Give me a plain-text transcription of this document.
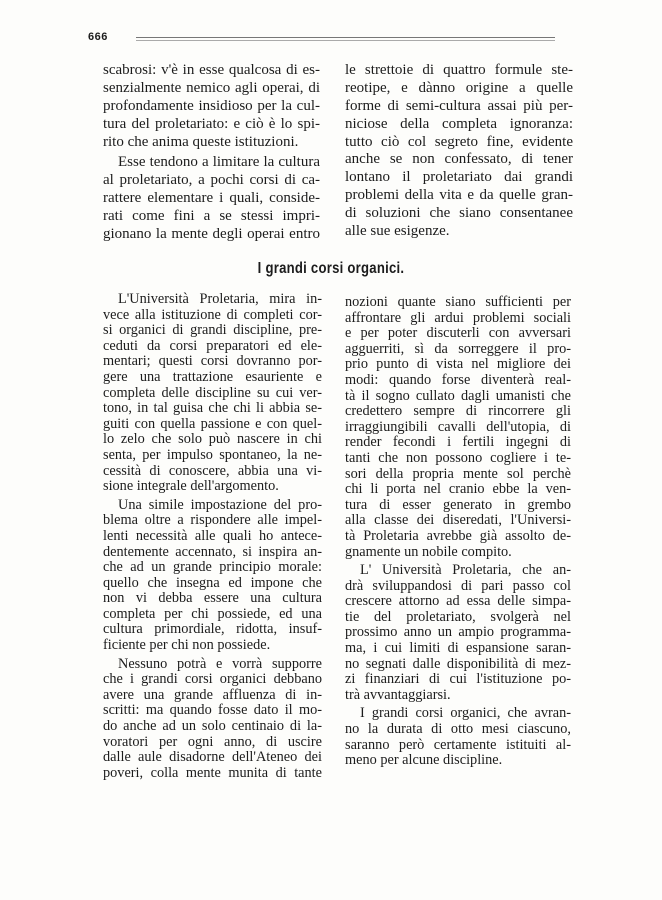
666
scabrosi: v'è in esse qualcosa di es-
senzialmente nemico agli operai, di
profondamente insidioso per la cul-
tura del proletariato: e ciò è lo spi-
rito che anima queste istituzioni.
Esse tendono a limitare la cultura
al proletariato, a pochi corsi di ca-
rattere elementare i quali, conside-
rati come fini a se stessi impri-
gionano la mente degli operai entro
le strettoie di quattro formule ste-
reotipe, e dànno origine a quelle
forme di semi-cultura assai più per-
niciose della completa ignoranza:
tutto ciò col segreto fine, evidente
anche se non confessato, di tener
lontano il proletariato dai grandi
problemi della vita e da quelle gran-
di soluzioni che siano consentanee
alle sue esigenze.
I grandi corsi organici.
L'Università Proletaria, mira in-
vece alla istituzione di completi cor-
si organici di grandi discipline, pre-
ceduti da corsi preparatori ed ele-
mentari; questi corsi dovranno por-
gere una trattazione esauriente e
completa delle discipline su cui ver-
tono, in tal guisa che chi li abbia se-
guiti con quella passione e con quel-
lo zelo che solo può nascere in chi
senta, per impulso spontaneo, la ne-
cessità di conoscere, abbia una vi-
sione integrale dell'argomento.
Una simile impostazione del pro-
blema oltre a rispondere alle impel-
lenti necessità alle quali ho antece-
dentemente accennato, si inspira an-
che ad un grande principio morale:
quello che insegna ed impone che
non vi debba essere una cultura
completa per chi possiede, ed una
cultura primordiale, ridotta, insuf-
ficiente per chi non possiede.
Nessuno potrà e vorrà supporre
che i grandi corsi organici debbano
avere una grande affluenza di in-
scritti: ma quando fosse dato il mo-
do anche ad un solo centinaio di la-
voratori per ogni anno, di uscire
dalle aule disadorne dell'Ateneo dei
poveri, colla mente munita di tante
nozioni quante siano sufficienti per
affrontare gli ardui problemi sociali
e per poter discuterli con avversari
agguerriti, sì da sorreggere il pro-
prio punto di vista nel migliore dei
modi: quando forse diventerà real-
tà il sogno cullato dagli umanisti che
credettero sempre di rincorrere gli
irraggiungibili cavalli dell'utopia, di
render fecondi i fertili ingegni di
tanti che non possono cogliere i te-
sori della propria mente sol perchè
chi li porta nel cranio ebbe la ven-
tura di esser generato in grembo
alla classe dei diseredati, l'Universi-
tà Proletaria avrebbe già assolto de-
gnamente un nobile compito.
L' Università Proletaria, che an-
drà sviluppandosi di pari passo col
crescere attorno ad essa delle simpa-
tie del proletariato, svolgerà nel
prossimo anno un ampio programma-
ma, i cui limiti di espansione saran-
no segnati dalle disponibilità di mez-
zi finanziari di cui l'istituzione po-
trà avvantaggiarsi.
I grandi corsi organici, che avran-
no la durata di otto mesi ciascuno,
saranno però certamente istituiti al-
meno per alcune discipline.
